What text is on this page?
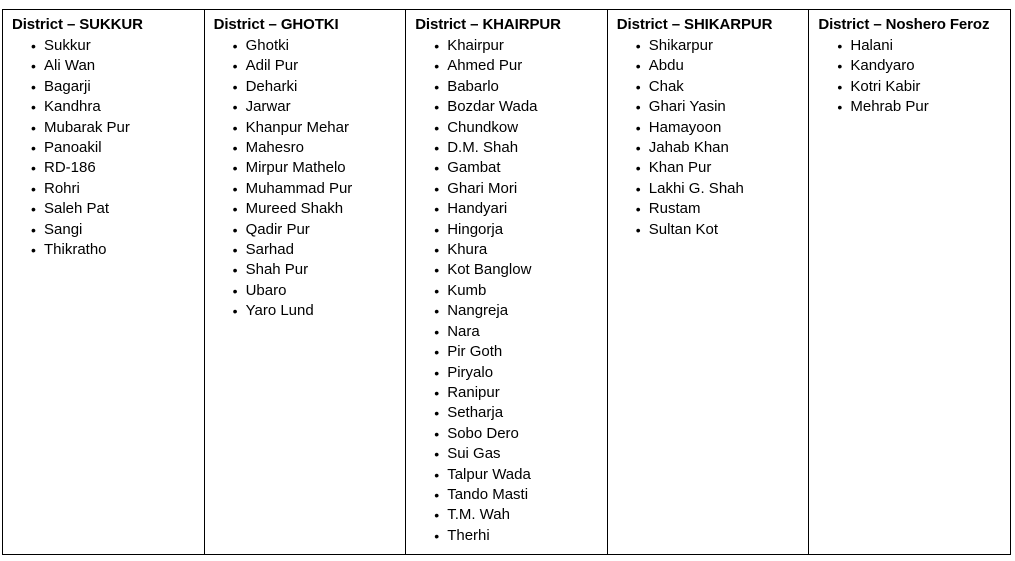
District – SUKKUR
• Sukkur
• Ali Wan
• Bagarji
• Kandhra
• Mubarak Pur
• Panoakil
• RD-186
• Rohri
• Saleh Pat
• Sangi
• Thikratho

District – GHOTKI
• Ghotki
• Adil Pur
• Deharki
• Jarwar
• Khanpur Mehar
• Mahesro
• Mirpur Mathelo
• Muhammad Pur
• Mureed Shakh
• Qadir Pur
• Sarhad
• Shah Pur
• Ubaro
• Yaro Lund

District – KHAIRPUR
• Khairpur
• Ahmed Pur
• Babarlo
• Bozdar Wada
• Chundkow
• D.M. Shah
• Gambat
• Ghari Mori
• Handyari
• Hingorja
• Khura
• Kot Banglow
• Kumb
• Nangreja
• Nara
• Pir Goth
• Piryalo
• Ranipur
• Setharja
• Sobo Dero
• Sui Gas
• Talpur Wada
• Tando Masti
• T.M. Wah
• Therhi

District – SHIKARPUR
• Shikarpur
• Abdu
• Chak
• Ghari Yasin
• Hamayoon
• Jahab Khan
• Khan Pur
• Lakhi G. Shah
• Rustam
• Sultan Kot

District – Noshero Feroz
• Halani
• Kandyaro
• Kotri Kabir
• Mehrab Pur
